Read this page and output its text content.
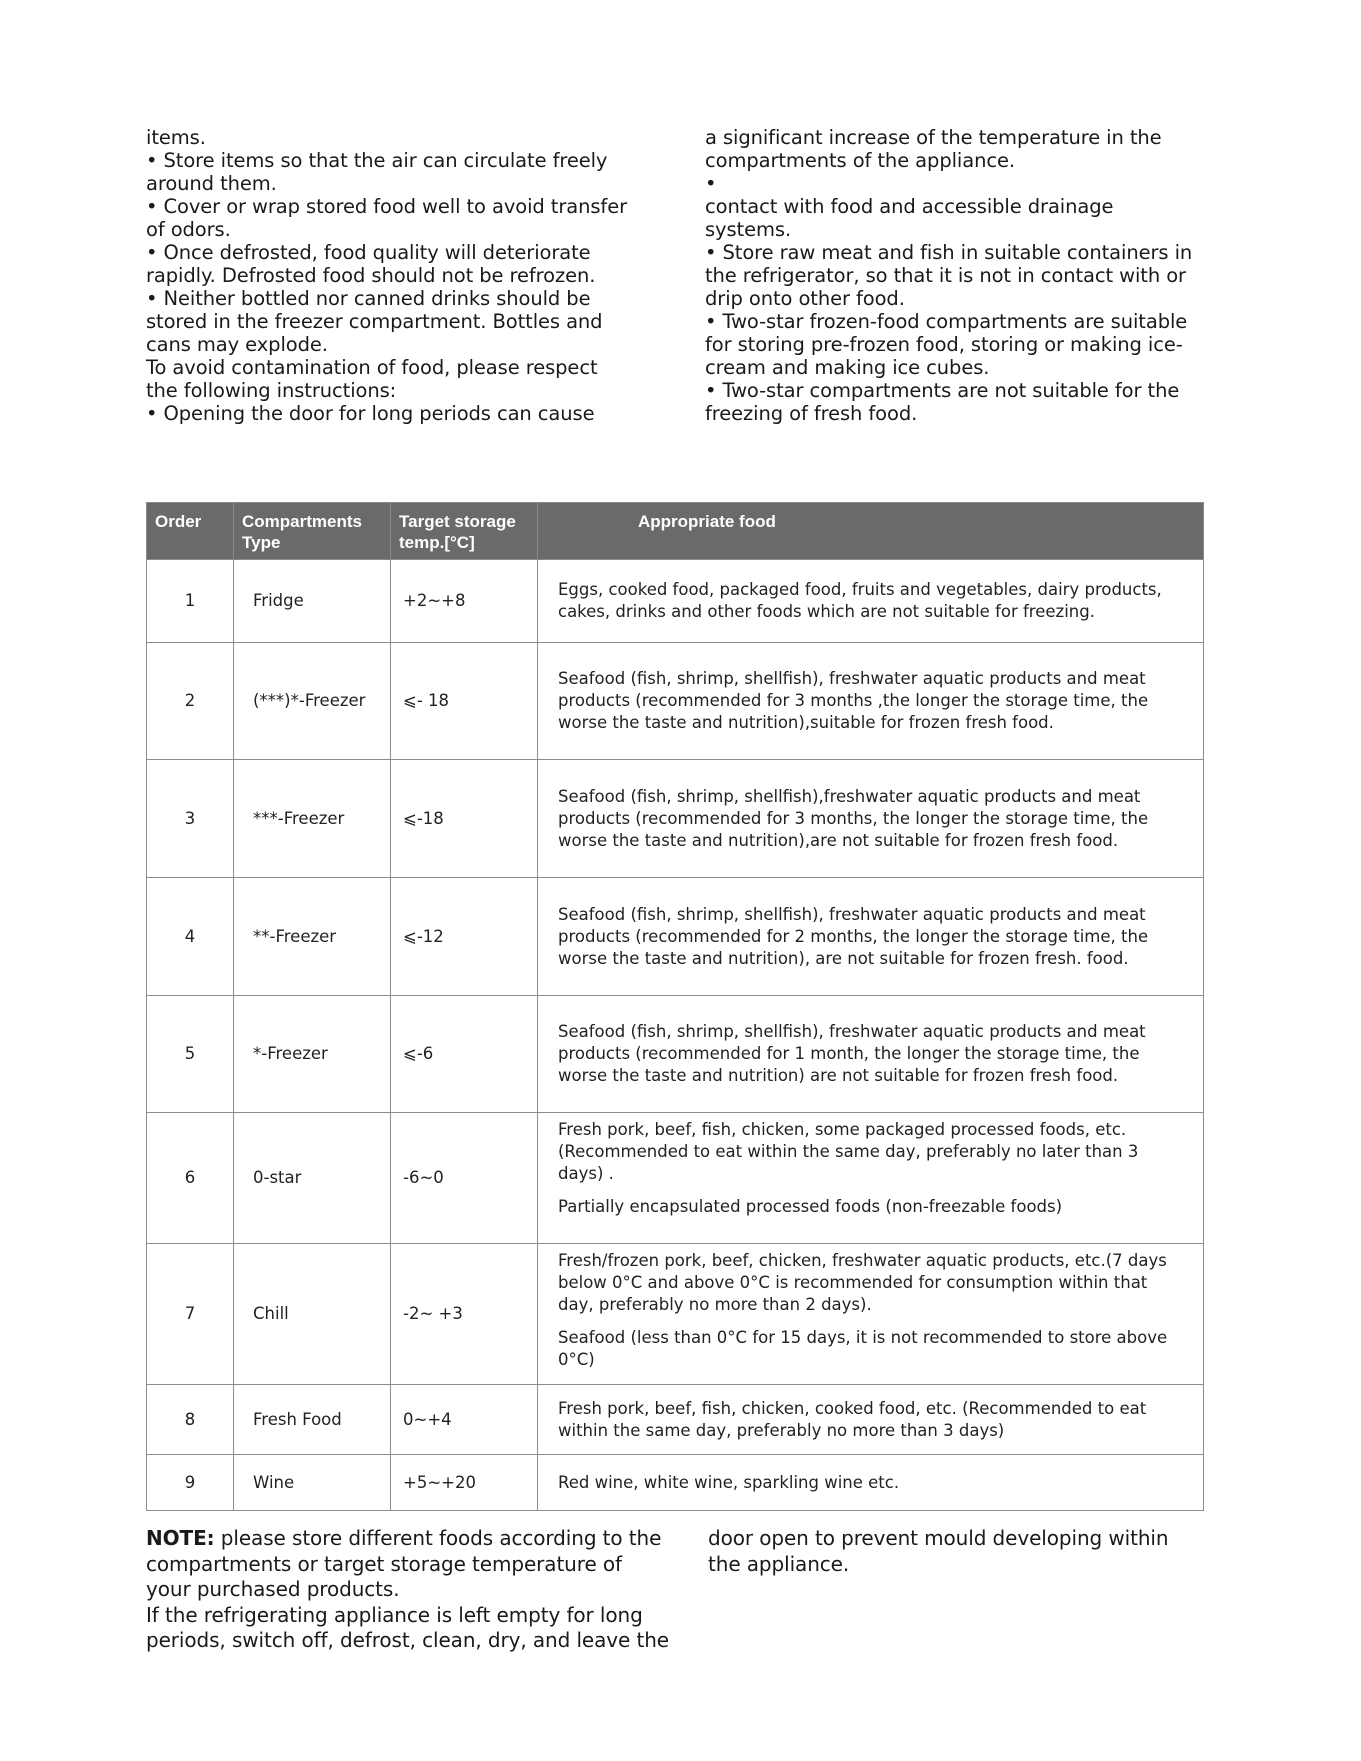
items.
• Store items so that the air can circulate freely
around them.
• Cover or wrap stored food well to avoid transfer
of odors.
• Once defrosted, food quality will deteriorate
rapidly. Defrosted food should not be refrozen.
• Neither bottled nor canned drinks should be
stored in the freezer compartment. Bottles and
cans may explode.
To avoid contamination of food, please respect
the following instructions:
• Opening the door for long periods can cause
a significant increase of the temperature in the
compartments of the appliance.
•
contact with food and accessible drainage
systems.
• Store raw meat and fish in suitable containers in
the refrigerator, so that it is not in contact with or
drip onto other food.
• Two-star frozen-food compartments are suitable
for storing pre-frozen food, storing or making ice-
cream and making ice cubes.
• Two-star compartments are not suitable for the
freezing of fresh food.
Order	Compartments Type	Target storage temp.[°C]	Appropriate food
1	Fridge	+2~+8	Eggs, cooked food, packaged food, fruits and vegetables, dairy products, cakes, drinks and other foods which are not suitable for freezing.

2	(***)*-Freezer	⩽- 18	Seafood (fish, shrimp, shellfish), freshwater aquatic products and meat products (recommended for 3 months ,the longer the storage time, the worse the taste and nutrition),suitable for frozen fresh food.

3	***-Freezer	⩽-18	Seafood (fish, shrimp, shellfish),freshwater aquatic products and meat products (recommended for 3 months, the longer the storage time, the worse the taste and nutrition),are not suitable for frozen fresh food.

4	**-Freezer	⩽-12	Seafood (fish, shrimp, shellfish), freshwater aquatic products and meat products (recommended for 2 months, the longer the storage time, the worse the taste and nutrition), are not suitable for frozen fresh. food.

5	*-Freezer	⩽-6	Seafood (fish, shrimp, shellfish), freshwater aquatic products and meat products (recommended for 1 month, the longer the storage time, the worse the taste and nutrition) are not suitable for frozen fresh food.

6	0-star	-6~0	Fresh pork, beef, fish, chicken, some packaged processed foods, etc. (Recommended to eat within the same day, preferably no later than 3 days) .

Partially encapsulated processed foods (non-freezable foods)

7	Chill	-2~ +3	Fresh/frozen pork, beef, chicken, freshwater aquatic products, etc.(7 days below 0°C and above 0°C is recommended for consumption within that day, preferably no more than 2 days).

Seafood (less than 0°C for 15 days, it is not recommended to store above 0°C)

8	Fresh Food	0~+4	Fresh pork, beef, fish, chicken, cooked food, etc. (Recommended to eat within the same day, preferably no more than 3 days)

9	Wine	+5~+20	Red wine, white wine, sparkling wine etc.

NOTE: please store different foods according to the
compartments or target storage temperature of
your purchased products.
If the refrigerating appliance is left empty for long
periods, switch off, defrost, clean, dry, and leave the
door open to prevent mould developing within
the appliance.
